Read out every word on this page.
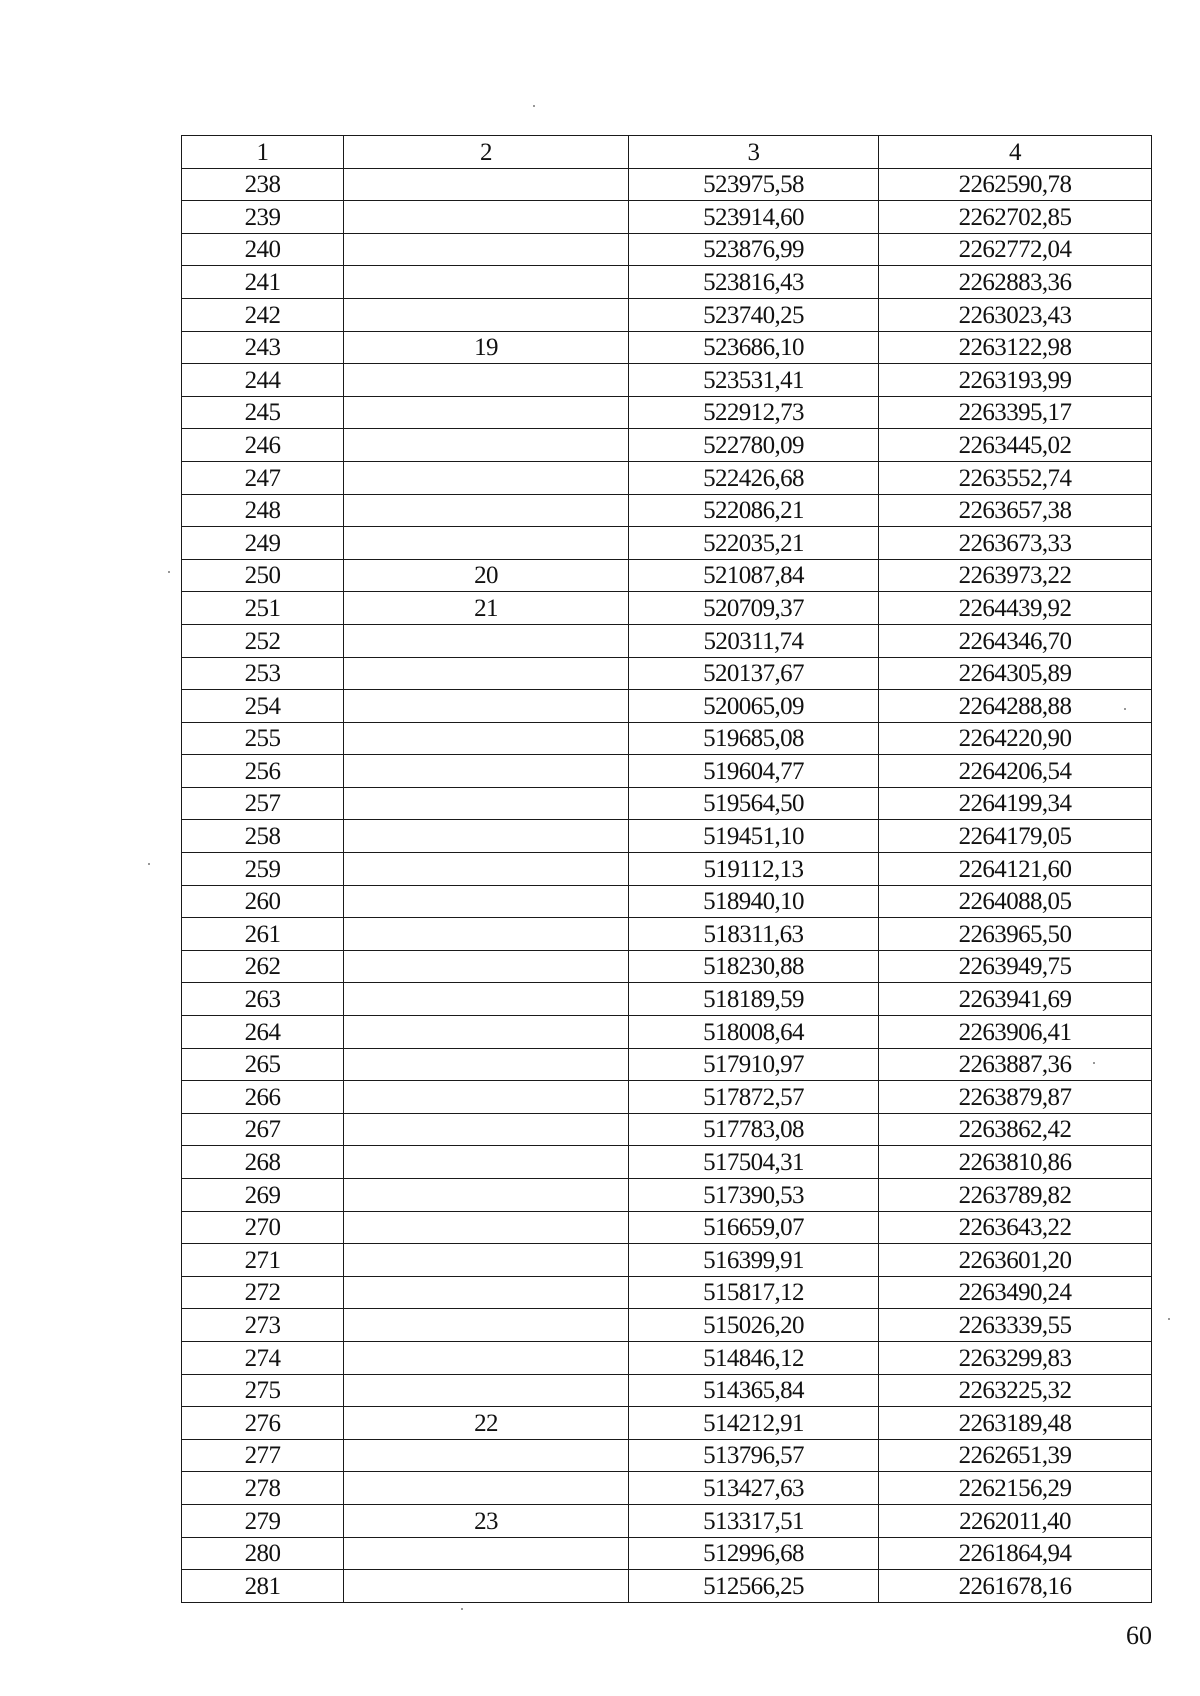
1	2	3	4
238		523975,58	2262590,78
239		523914,60	2262702,85
240		523876,99	2262772,04
241		523816,43	2262883,36
242		523740,25	2263023,43
243	19	523686,10	2263122,98
244		523531,41	2263193,99
245		522912,73	2263395,17
246		522780,09	2263445,02
247		522426,68	2263552,74
248		522086,21	2263657,38
249		522035,21	2263673,33
250	20	521087,84	2263973,22
251	21	520709,37	2264439,92
252		520311,74	2264346,70
253		520137,67	2264305,89
254		520065,09	2264288,88
255		519685,08	2264220,90
256		519604,77	2264206,54
257		519564,50	2264199,34
258		519451,10	2264179,05
259		519112,13	2264121,60
260		518940,10	2264088,05
261		518311,63	2263965,50
262		518230,88	2263949,75
263		518189,59	2263941,69
264		518008,64	2263906,41
265		517910,97	2263887,36
266		517872,57	2263879,87
267		517783,08	2263862,42
268		517504,31	2263810,86
269		517390,53	2263789,82
270		516659,07	2263643,22
271		516399,91	2263601,20
272		515817,12	2263490,24
273		515026,20	2263339,55
274		514846,12	2263299,83
275		514365,84	2263225,32
276	22	514212,91	2263189,48
277		513796,57	2262651,39
278		513427,63	2262156,29
279	23	513317,51	2262011,40
280		512996,68	2261864,94
281		512566,25	2261678,16
60
